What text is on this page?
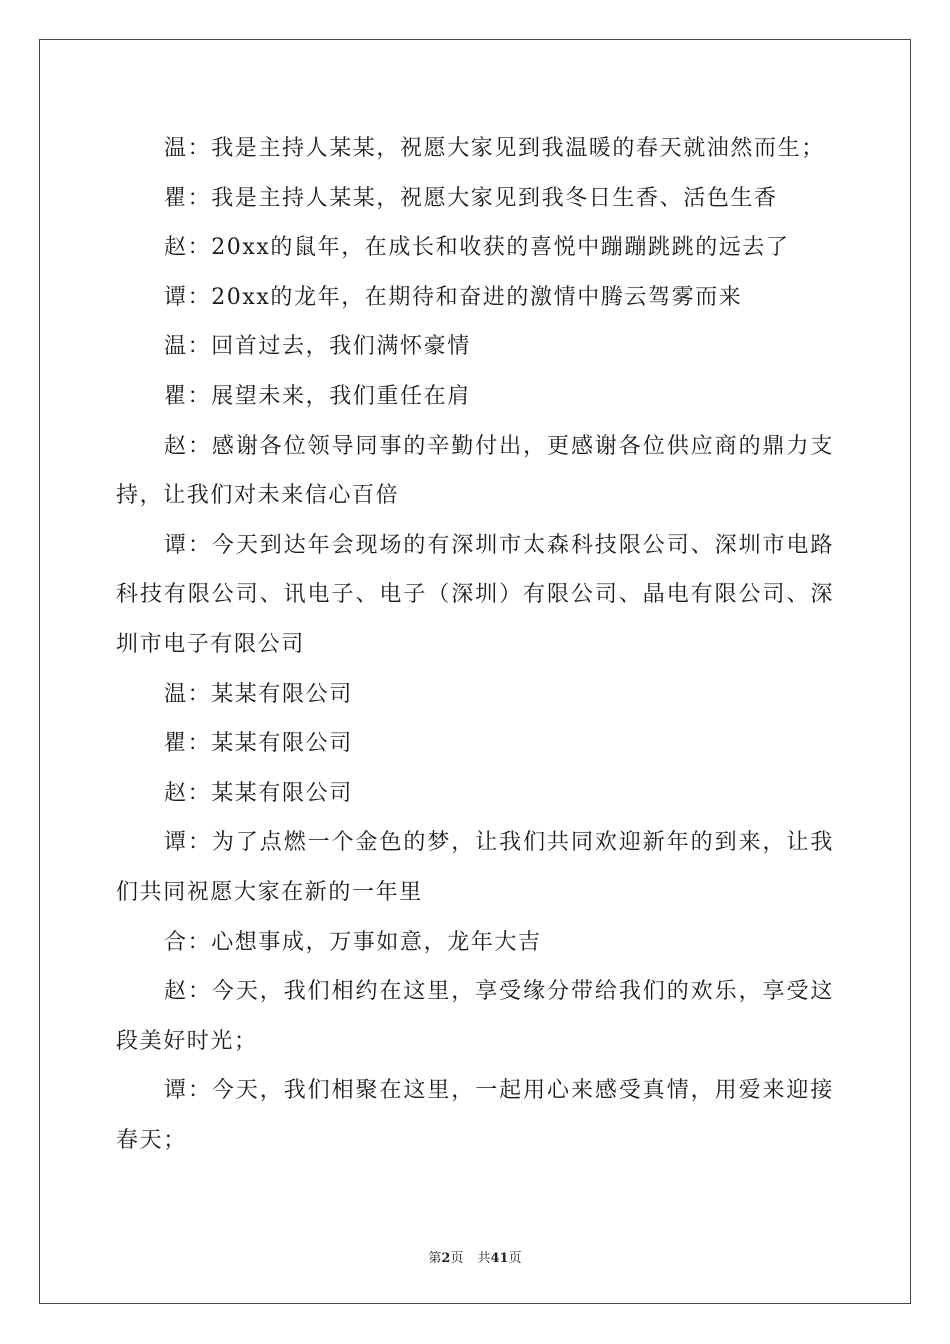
温：我是主持人某某，祝愿大家见到我温暖的春天就油然而生；

瞿：我是主持人某某，祝愿大家见到我冬日生香、活色生香

赵：20xx的鼠年，在成长和收获的喜悦中蹦蹦跳跳的远去了

谭：20xx的龙年，在期待和奋进的激情中腾云驾雾而来

温：回首过去，我们满怀豪情

瞿：展望未来，我们重任在肩

赵：感谢各位领导同事的辛勤付出，更感谢各位供应商的鼎力支持，让我们对未来信心百倍

谭：今天到达年会现场的有深圳市太森科技限公司、深圳市电路科技有限公司、讯电子、电子（深圳）有限公司、晶电有限公司、深圳市电子有限公司

温：某某有限公司

瞿：某某有限公司

赵：某某有限公司

谭：为了点燃一个金色的梦，让我们共同欢迎新年的到来，让我们共同祝愿大家在新的一年里

合：心想事成，万事如意，龙年大吉

赵：今天，我们相约在这里，享受缘分带给我们的欢乐，享受这段美好时光；

谭：今天，我们相聚在这里，一起用心来感受真情，用爱来迎接春天；

第2页 共41页
